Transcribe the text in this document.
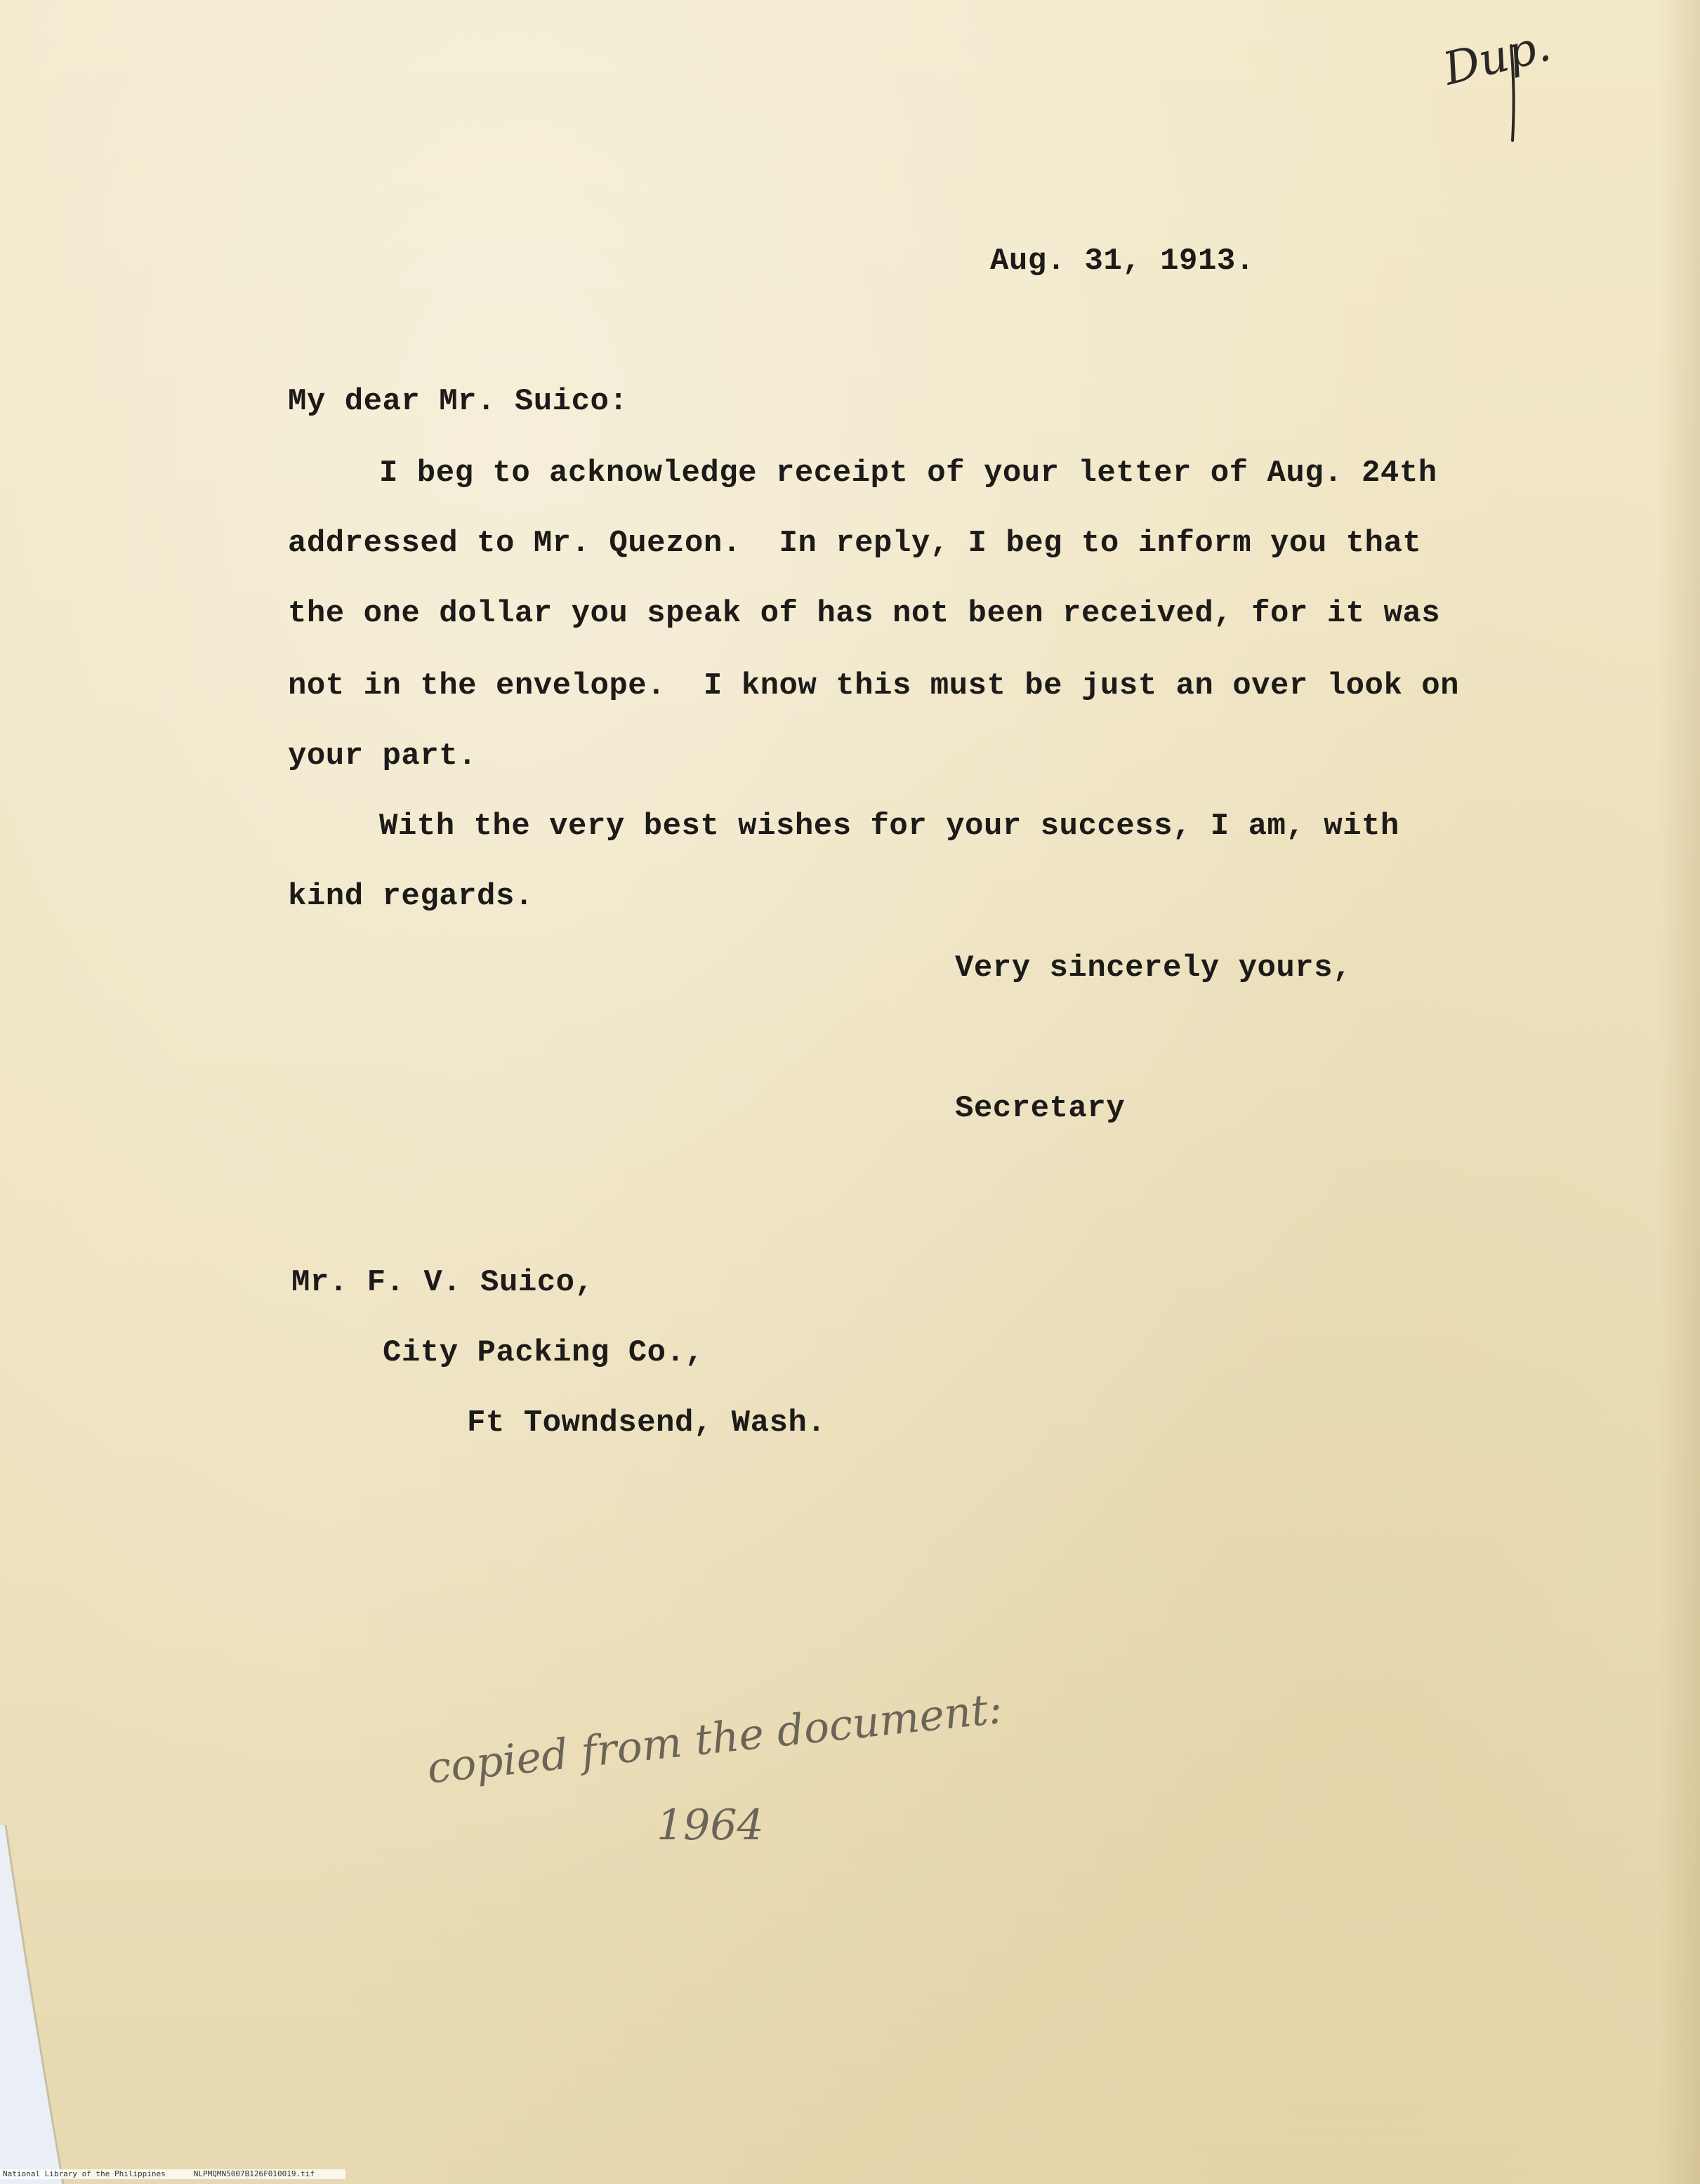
Dup.
Aug. 31, 1913.
My dear Mr. Suico:
I beg to acknowledge receipt of your letter of Aug. 24th
addressed to Mr. Quezon.  In reply, I beg to inform you that
the one dollar you speak of has not been received, for it was
not in the envelope.  I know this must be just an over look on
your part.
With the very best wishes for your success, I am, with
kind regards.
Very sincerely yours,
Secretary
Mr. F. V. Suico,
City Packing Co.,
Ft Towndsend, Wash.
copied from the document:
1964
National Library of the Philippines	NLPMQMN5007B126F010019.tif
